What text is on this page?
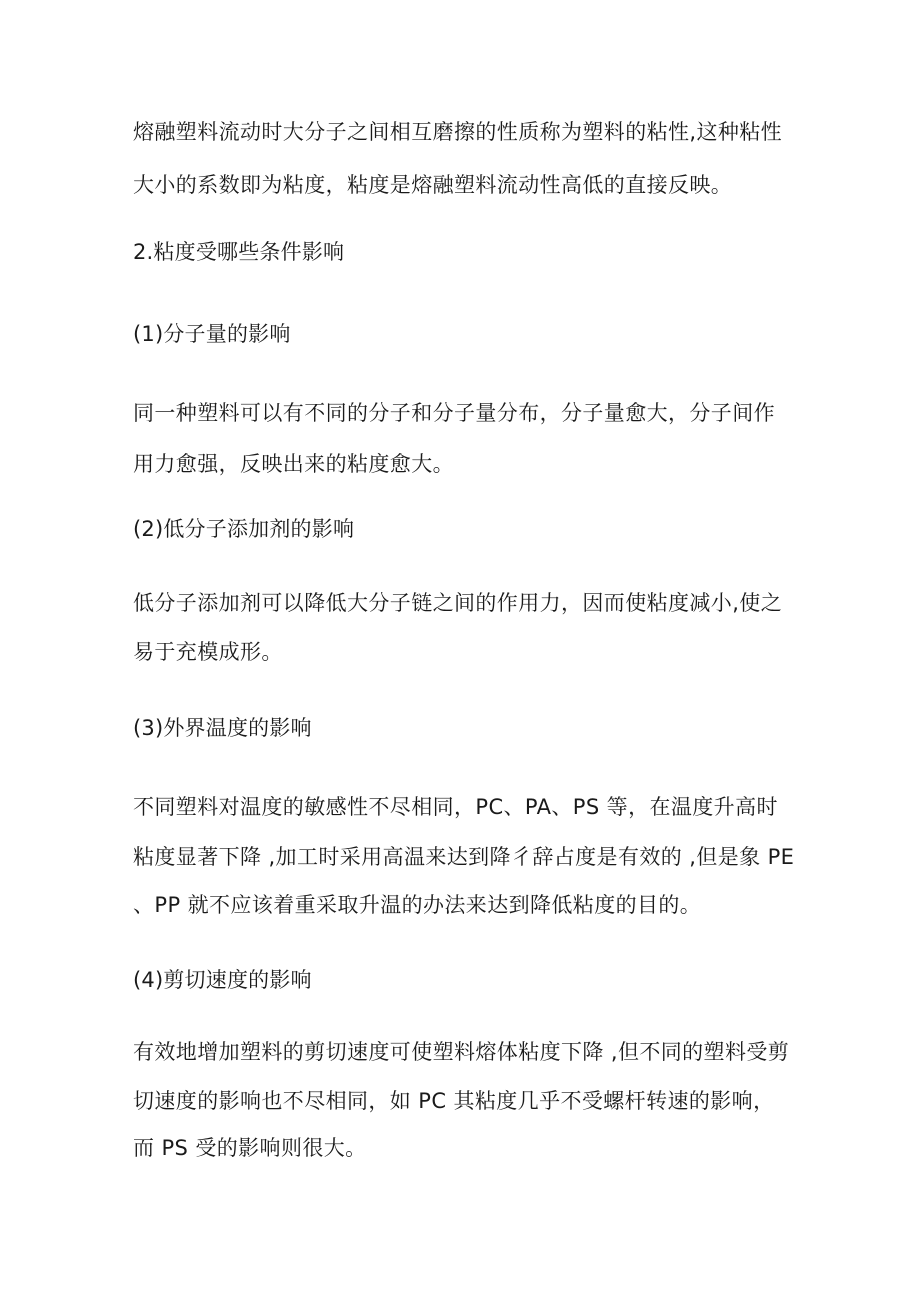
熔融塑料流动时大分子之间相互磨擦的性质称为塑料的粘性,这种粘性
大小的系数即为粘度，粘度是熔融塑料流动性高低的直接反映。
2.粘度受哪些条件影响
(1)分子量的影响
同一种塑料可以有不同的分子和分子量分布，分子量愈大，分子间作
用力愈强，反映出来的粘度愈大。
(2)低分子添加剂的影响
低分子添加剂可以降低大分子链之间的作用力，因而使粘度减小,使之
易于充模成形。
(3)外界温度的影响
不同塑料对温度的敏感性不尽相同，PC、PA、PS 等，在温度升高时
粘度显著下降 ,加工时采用高温来达到降彳辞占度是有效的 ,但是象 PE
、PP 就不应该着重采取升温的办法来达到降低粘度的目的。
(4)剪切速度的影响
有效地增加塑料的剪切速度可使塑料熔体粘度下降 ,但不同的塑料受剪
切速度的影响也不尽相同，如 PC 其粘度几乎不受螺杆转速的影响，
而 PS 受的影响则很大。
